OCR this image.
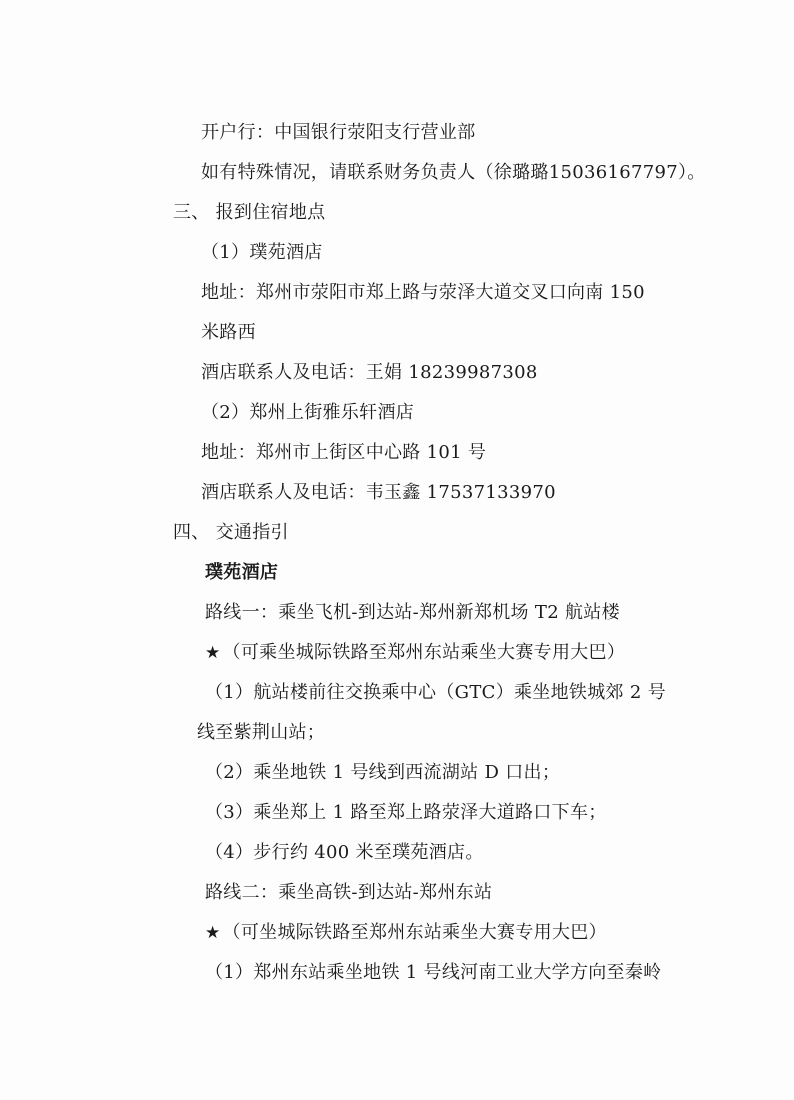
开户行：中国银行荥阳支行营业部
如有特殊情况，请联系财务负责人（徐璐璐15036167797）。
三、 报到住宿地点
（1）璞苑酒店
地址：郑州市荥阳市郑上路与荥泽大道交叉口向南 150
米路西
酒店联系人及电话：王娟 18239987308
（2）郑州上街雅乐轩酒店
地址：郑州市上街区中心路 101 号
酒店联系人及电话：韦玉鑫 17537133970
四、 交通指引
璞苑酒店
路线一：乘坐飞机-到达站-郑州新郑机场 T2 航站楼
★ （可乘坐城际铁路至郑州东站乘坐大赛专用大巴）
（1）航站楼前往交换乘中心（GTC）乘坐地铁城郊 2 号
线至紫荆山站；
（2）乘坐地铁 1 号线到西流湖站 D 口出；
（3）乘坐郑上 1 路至郑上路荥泽大道路口下车；
（4）步行约 400 米至璞苑酒店。
路线二：乘坐高铁-到达站-郑州东站
★ （可坐城际铁路至郑州东站乘坐大赛专用大巴）
（1）郑州东站乘坐地铁 1 号线河南工业大学方向至秦岭
